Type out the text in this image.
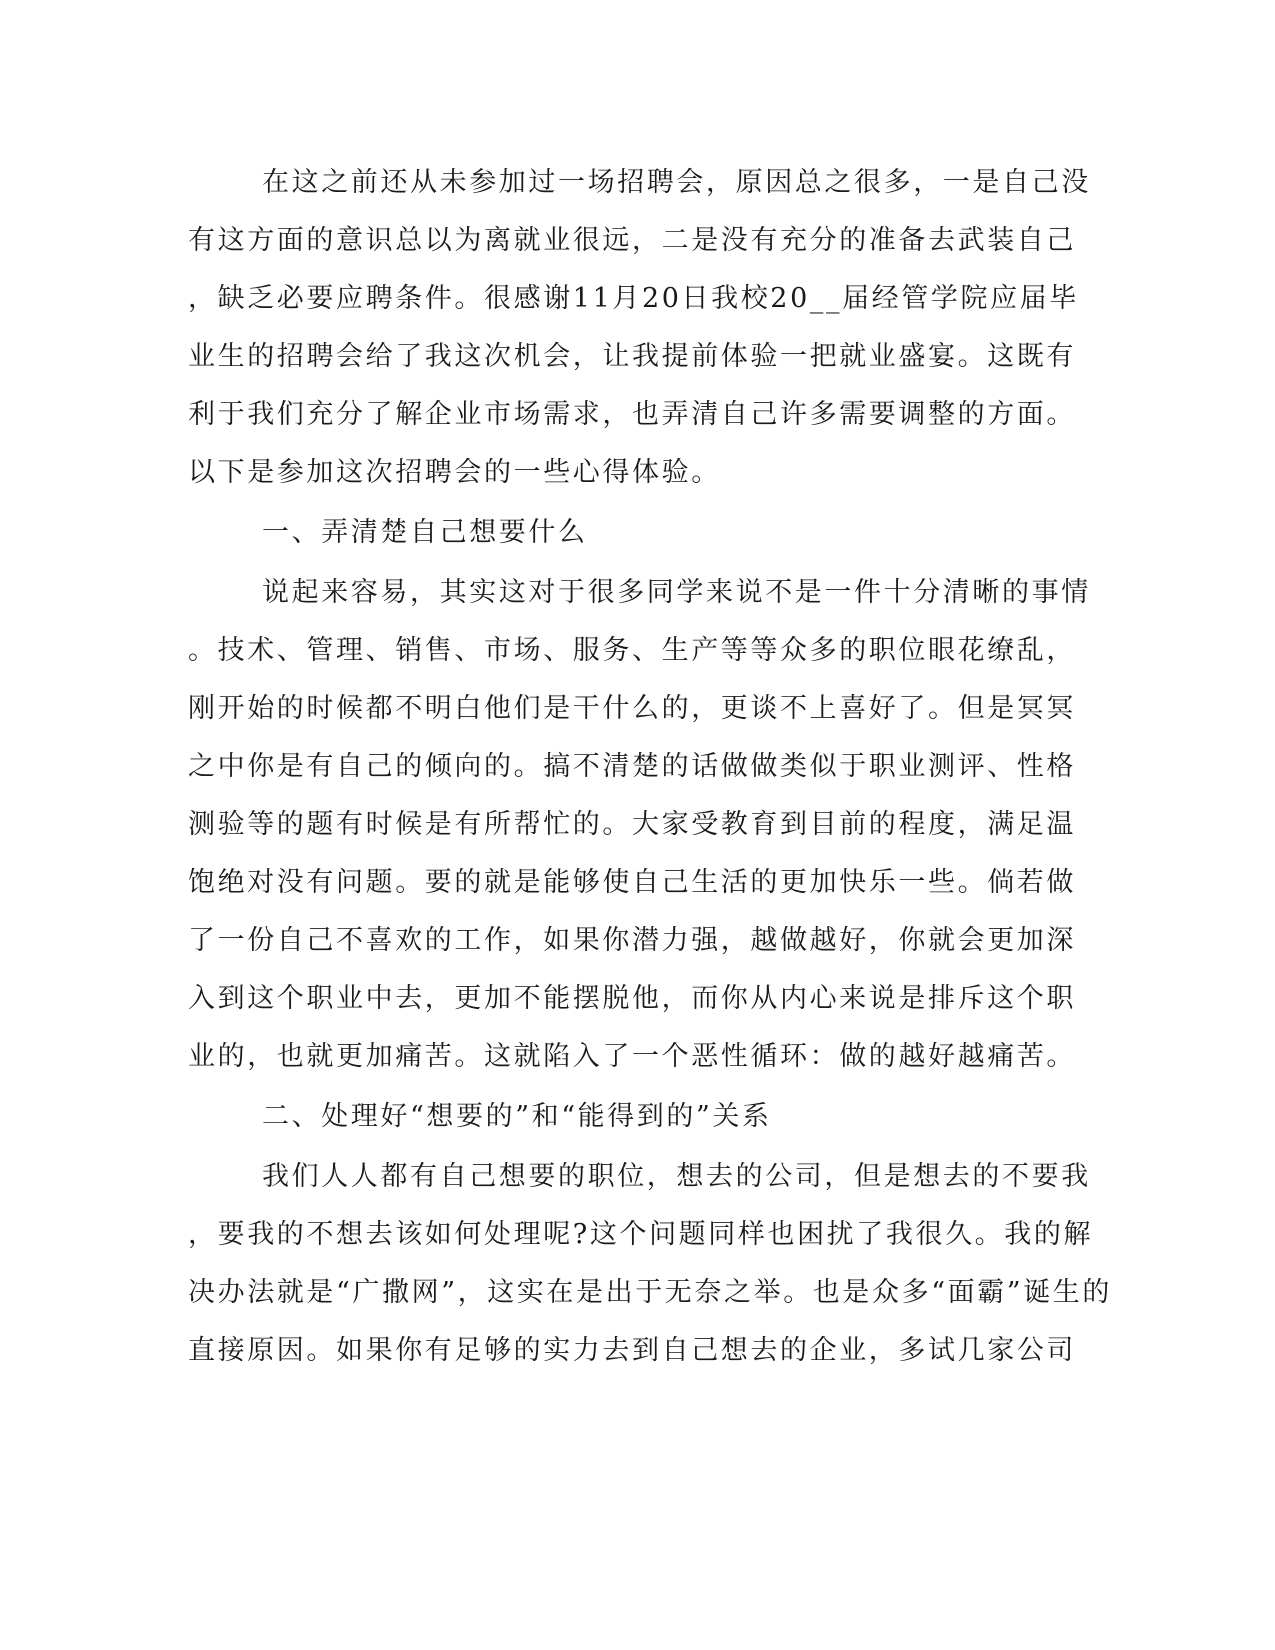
在这之前还从未参加过一场招聘会，原因总之很多，一是自己没
有这方面的意识总以为离就业很远，二是没有充分的准备去武装自己
，缺乏必要应聘条件。很感谢11月20日我校20__届经管学院应届毕
业生的招聘会给了我这次机会，让我提前体验一把就业盛宴。这既有
利于我们充分了解企业市场需求，也弄清自己许多需要调整的方面。
以下是参加这次招聘会的一些心得体验。
一、弄清楚自己想要什么
说起来容易，其实这对于很多同学来说不是一件十分清晰的事情
。技术、管理、销售、市场、服务、生产等等众多的职位眼花缭乱，
刚开始的时候都不明白他们是干什么的，更谈不上喜好了。但是冥冥
之中你是有自己的倾向的。搞不清楚的话做做类似于职业测评、性格
测验等的题有时候是有所帮忙的。大家受教育到目前的程度，满足温
饱绝对没有问题。要的就是能够使自己生活的更加快乐一些。倘若做
了一份自己不喜欢的工作，如果你潜力强，越做越好，你就会更加深
入到这个职业中去，更加不能摆脱他，而你从内心来说是排斥这个职
业的，也就更加痛苦。这就陷入了一个恶性循环：做的越好越痛苦。
二、处理好“想要的”和“能得到的”关系
我们人人都有自己想要的职位，想去的公司，但是想去的不要我
，要我的不想去该如何处理呢?这个问题同样也困扰了我很久。我的解
决办法就是“广撒网”，这实在是出于无奈之举。也是众多“面霸”诞生的
直接原因。如果你有足够的实力去到自己想去的企业，多试几家公司
